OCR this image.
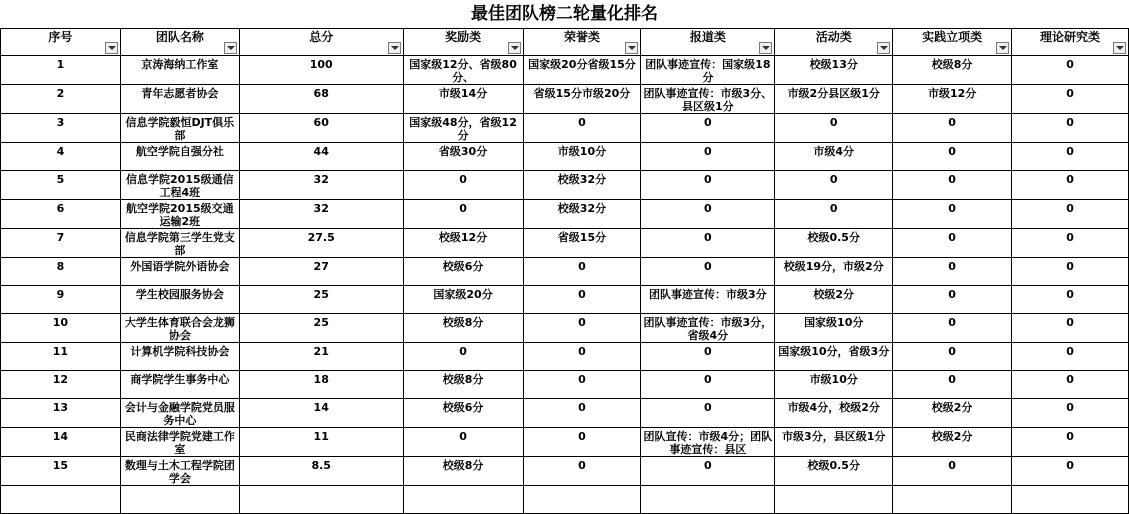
最佳团队榜二轮量化排名
序号	团队名称	总分	奖励类	荣誉类	报道类	活动类	实践立项类	理论研究类

1	京涛海纳工作室	100	国家级12分、省级80分、	国家级20分省级15分	团队事迹宣传：国家级18分	校级13分	校级8分	0

2	青年志愿者协会	68	市级14分	省级15分市级20分	团队事迹宣传：市级3分、县区级1分	市级2分县区级1分	市级12分	0

3	信息学院毅恒DJT俱乐部	60	国家级48分，省级12分	0	0	0	0	0

4	航空学院自强分社	44	省级30分	市级10分	0	市级4分	0	0

5	信息学院2015级通信工程4班	32	0	校级32分	0	0	0	0

6	航空学院2015级交通运输2班	32	0	校级32分	0	0	0	0

7	信息学院第三学生党支部	27.5	校级12分	省级15分	0	校级0.5分	0	0

8	外国语学院外语协会	27	校级6分	0	0	校级19分，市级2分	0	0

9	学生校园服务协会	25	国家级20分	0	团队事迹宣传：市级3分	校级2分	0	0

10	大学生体育联合会龙狮协会	25	校级8分	0	团队事迹宣传：市级3分，省级4分	国家级10分	0	0

11	计算机学院科技协会	21	0	0	0	国家级10分，省级3分	0	0

12	商学院学生事务中心	18	校级8分	0	0	市级10分	0	0

13	会计与金融学院党员服务中心	14	校级6分	0	0	市级4分，校级2分	校级2分	0

14	民商法律学院党建工作室	11	0	0	团队宣传：市级4分；团队事迹宣传：县区	市级3分，县区级1分	校级2分	0

15	数理与土木工程学院团学会	8.5	校级8分	0	0	校级0.5分	0	0
